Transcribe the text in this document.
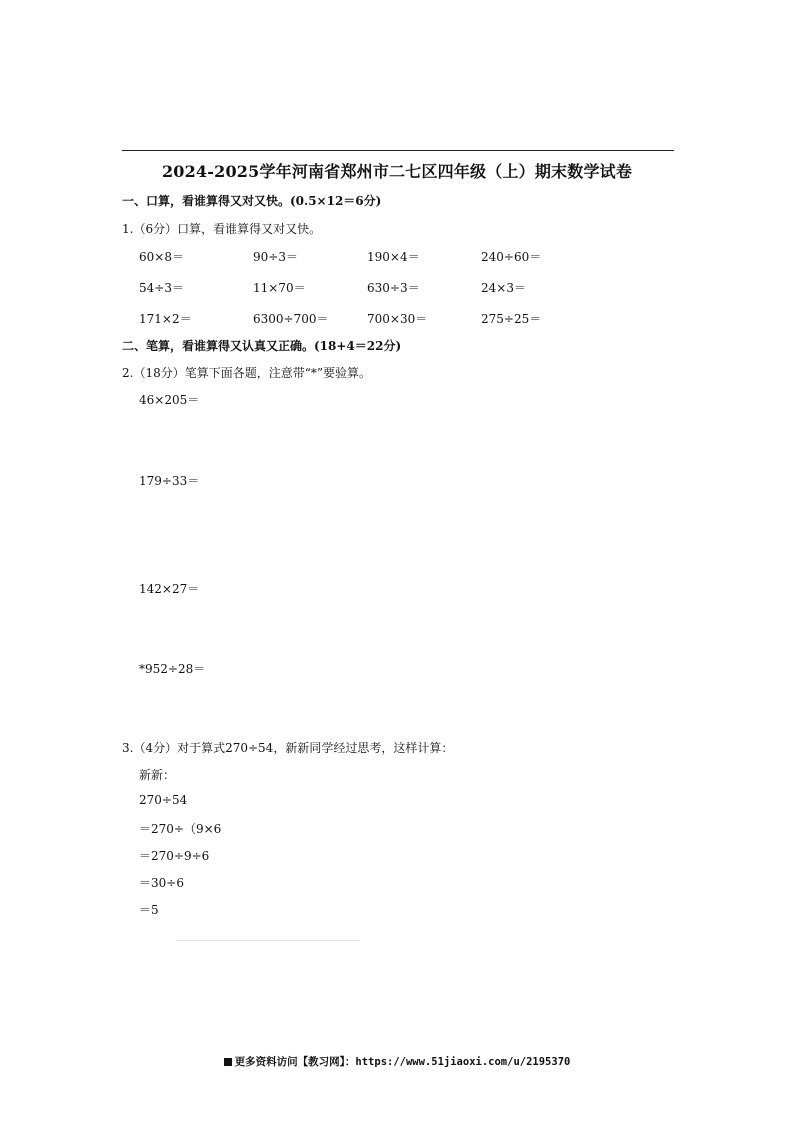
2024-2025学年河南省郑州市二七区四年级（上）期末数学试卷
一、口算，看谁算得又对又快。(0.5×12＝6分)
1.（6分）口算，看谁算得又对又快。
60×8＝	90÷3＝	190×4＝	240÷60＝
54÷3＝	11×70＝	630÷3＝	24×3＝
171×2＝	6300÷700＝	700×30＝	275÷25＝
二、笔算，看谁算得又认真又正确。(18+4＝22分)
2.（18分）笔算下面各题，注意带“*”要验算。
46×205＝
179÷33＝
142×27＝
*952÷28＝
3.（4分）对于算式270÷54，新新同学经过思考，这样计算：
新新：
270÷54
＝270÷（9×6
＝270÷9÷6
＝30÷6
＝5
更多资料访问【教习网】：https://www.51jiaoxi.com/u/2195370
